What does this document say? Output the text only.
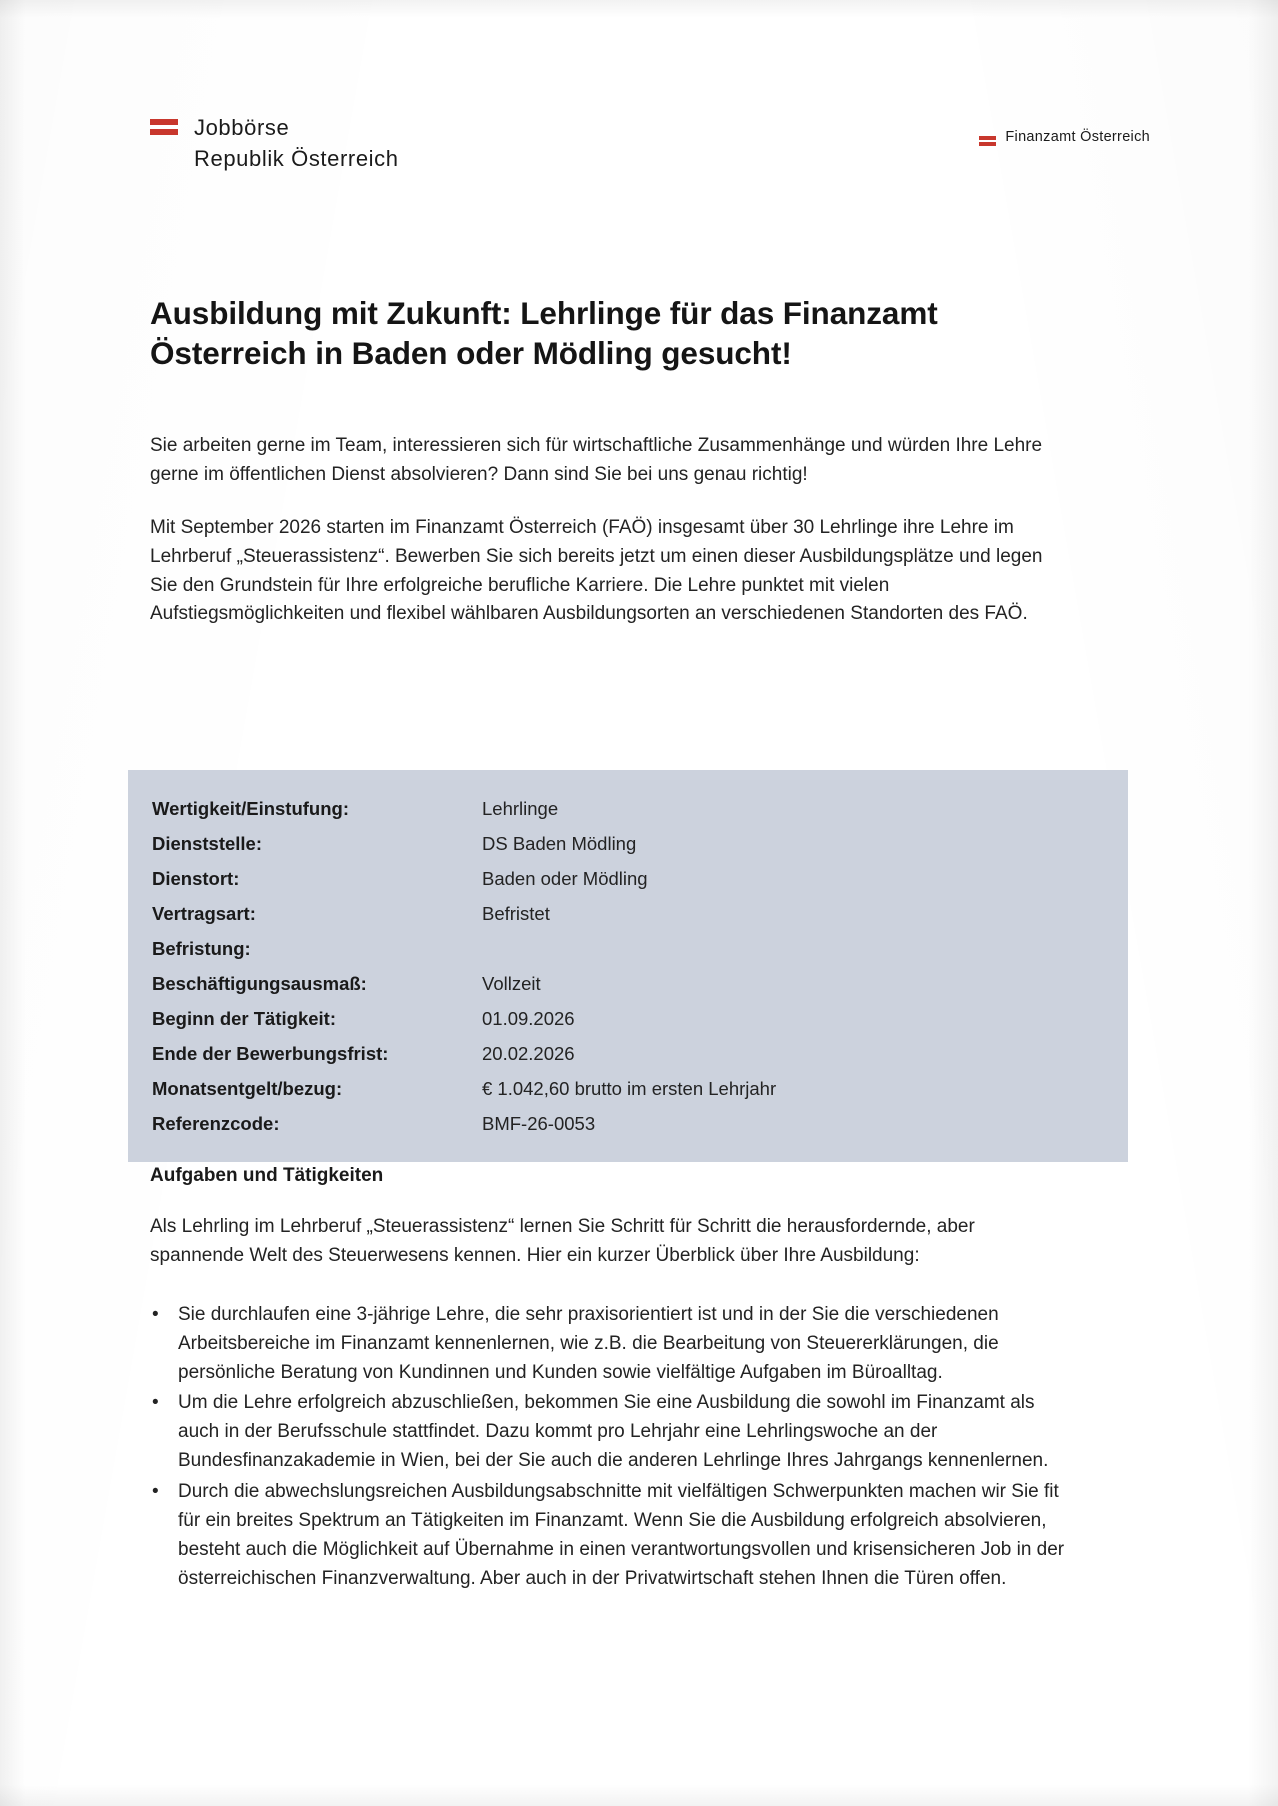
Jobbörse
Republik Österreich
Finanzamt Österreich
Ausbildung mit Zukunft: Lehrlinge für das Finanzamt Österreich in Baden oder Mödling gesucht!

Sie arbeiten gerne im Team, interessieren sich für wirtschaftliche Zusammenhänge und würden Ihre Lehre gerne im öffentlichen Dienst absolvieren? Dann sind Sie bei uns genau richtig!

Mit September 2026 starten im Finanzamt Österreich (FAÖ) insgesamt über 30 Lehrlinge ihre Lehre im Lehrberuf „Steuerassistenz“. Bewerben Sie sich bereits jetzt um einen dieser Ausbildungsplätze und legen Sie den Grundstein für Ihre erfolgreiche berufliche Karriere. Die Lehre punktet mit vielen Aufstiegsmöglichkeiten und flexibel wählbaren Ausbildungsorten an verschiedenen Standorten des FAÖ.

Wertigkeit/Einstufung:	Lehrlinge
Dienststelle:	DS Baden Mödling
Dienstort:	Baden oder Mödling
Vertragsart:	Befristet
Befristung:
Beschäftigungsausmaß:	Vollzeit
Beginn der Tätigkeit:	01.09.2026
Ende der Bewerbungsfrist:	20.02.2026
Monatsentgelt/bezug:	€ 1.042,60 brutto im ersten Lehrjahr
Referenzcode:	BMF-26-0053
Aufgaben und Tätigkeiten

Als Lehrling im Lehrberuf „Steuerassistenz“ lernen Sie Schritt für Schritt die herausfordernde, aber spannende Welt des Steuerwesens kennen. Hier ein kurzer Überblick über Ihre Ausbildung:

• Sie durchlaufen eine 3-jährige Lehre, die sehr praxisorientiert ist und in der Sie die verschiedenen Arbeitsbereiche im Finanzamt kennenlernen, wie z.B. die Bearbeitung von Steuererklärungen, die persönliche Beratung von Kundinnen und Kunden sowie vielfältige Aufgaben im Büroalltag.
• Um die Lehre erfolgreich abzuschließen, bekommen Sie eine Ausbildung die sowohl im Finanzamt als auch in der Berufsschule stattfindet. Dazu kommt pro Lehrjahr eine Lehrlingswoche an der Bundesfinanzakademie in Wien, bei der Sie auch die anderen Lehrlinge Ihres Jahrgangs kennenlernen.
• Durch die abwechslungsreichen Ausbildungsabschnitte mit vielfältigen Schwerpunkten machen wir Sie fit für ein breites Spektrum an Tätigkeiten im Finanzamt. Wenn Sie die Ausbildung erfolgreich absolvieren, besteht auch die Möglichkeit auf Übernahme in einen verantwortungsvollen und krisensicheren Job in der österreichischen Finanzverwaltung. Aber auch in der Privatwirtschaft stehen Ihnen die Türen offen.
